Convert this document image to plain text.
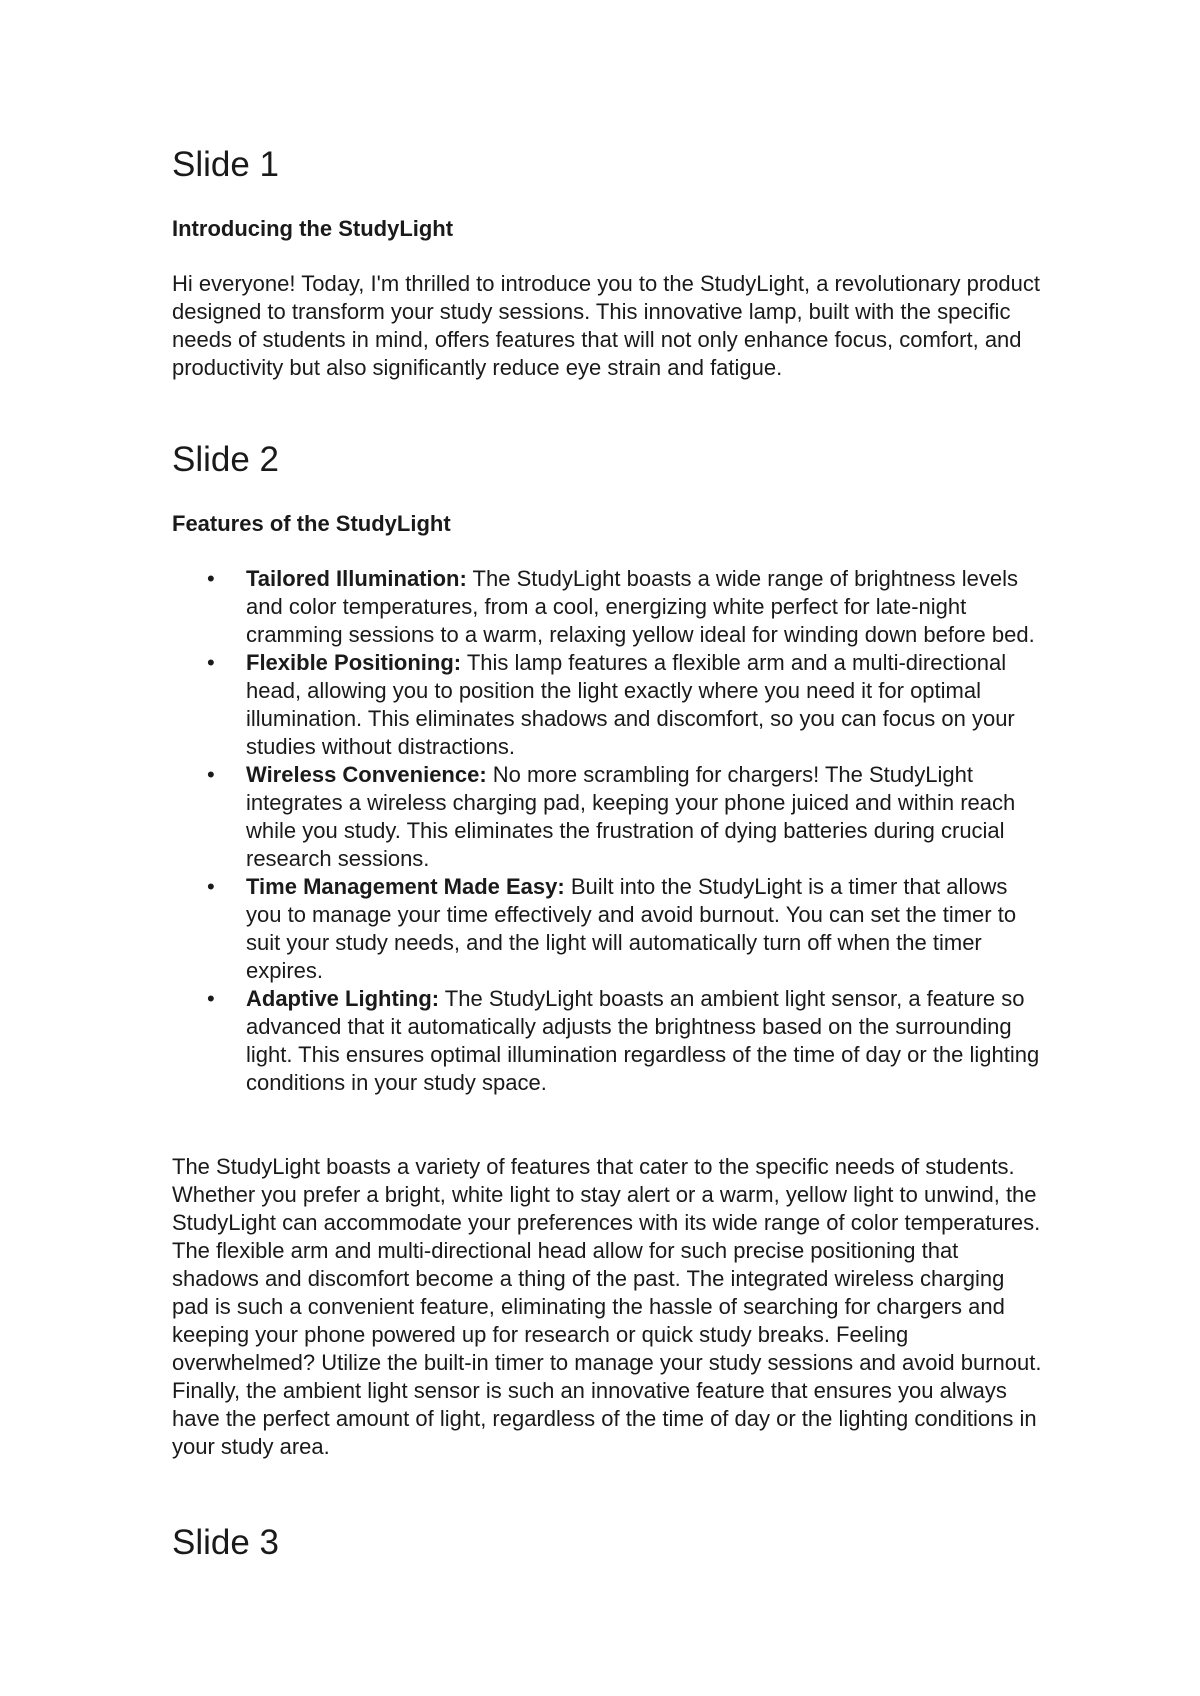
Slide 1
Introducing the StudyLight

Hi everyone! Today, I'm thrilled to introduce you to the StudyLight, a revolutionary product designed to transform your study sessions. This innovative lamp, built with the specific needs of students in mind, offers features that will not only enhance focus, comfort, and productivity but also significantly reduce eye strain and fatigue.

Slide 2
Features of the StudyLight
• Tailored Illumination: The StudyLight boasts a wide range of brightness levels and color temperatures, from a cool, energizing white perfect for late-night cramming sessions to a warm, relaxing yellow ideal for winding down before bed.
• Flexible Positioning: This lamp features a flexible arm and a multi-directional head, allowing you to position the light exactly where you need it for optimal illumination. This eliminates shadows and discomfort, so you can focus on your studies without distractions.
• Wireless Convenience: No more scrambling for chargers! The StudyLight integrates a wireless charging pad, keeping your phone juiced and within reach while you study. This eliminates the frustration of dying batteries during crucial research sessions.
• Time Management Made Easy: Built into the StudyLight is a timer that allows you to manage your time effectively and avoid burnout. You can set the timer to suit your study needs, and the light will automatically turn off when the timer expires.
• Adaptive Lighting: The StudyLight boasts an ambient light sensor, a feature so advanced that it automatically adjusts the brightness based on the surrounding light. This ensures optimal illumination regardless of the time of day or the lighting conditions in your study space.

The StudyLight boasts a variety of features that cater to the specific needs of students. Whether you prefer a bright, white light to stay alert or a warm, yellow light to unwind, the StudyLight can accommodate your preferences with its wide range of color temperatures. The flexible arm and multi-directional head allow for such precise positioning that shadows and discomfort become a thing of the past. The integrated wireless charging pad is such a convenient feature, eliminating the hassle of searching for chargers and keeping your phone powered up for research or quick study breaks. Feeling overwhelmed? Utilize the built-in timer to manage your study sessions and avoid burnout. Finally, the ambient light sensor is such an innovative feature that ensures you always have the perfect amount of light, regardless of the time of day or the lighting conditions in your study area.

Slide 3
